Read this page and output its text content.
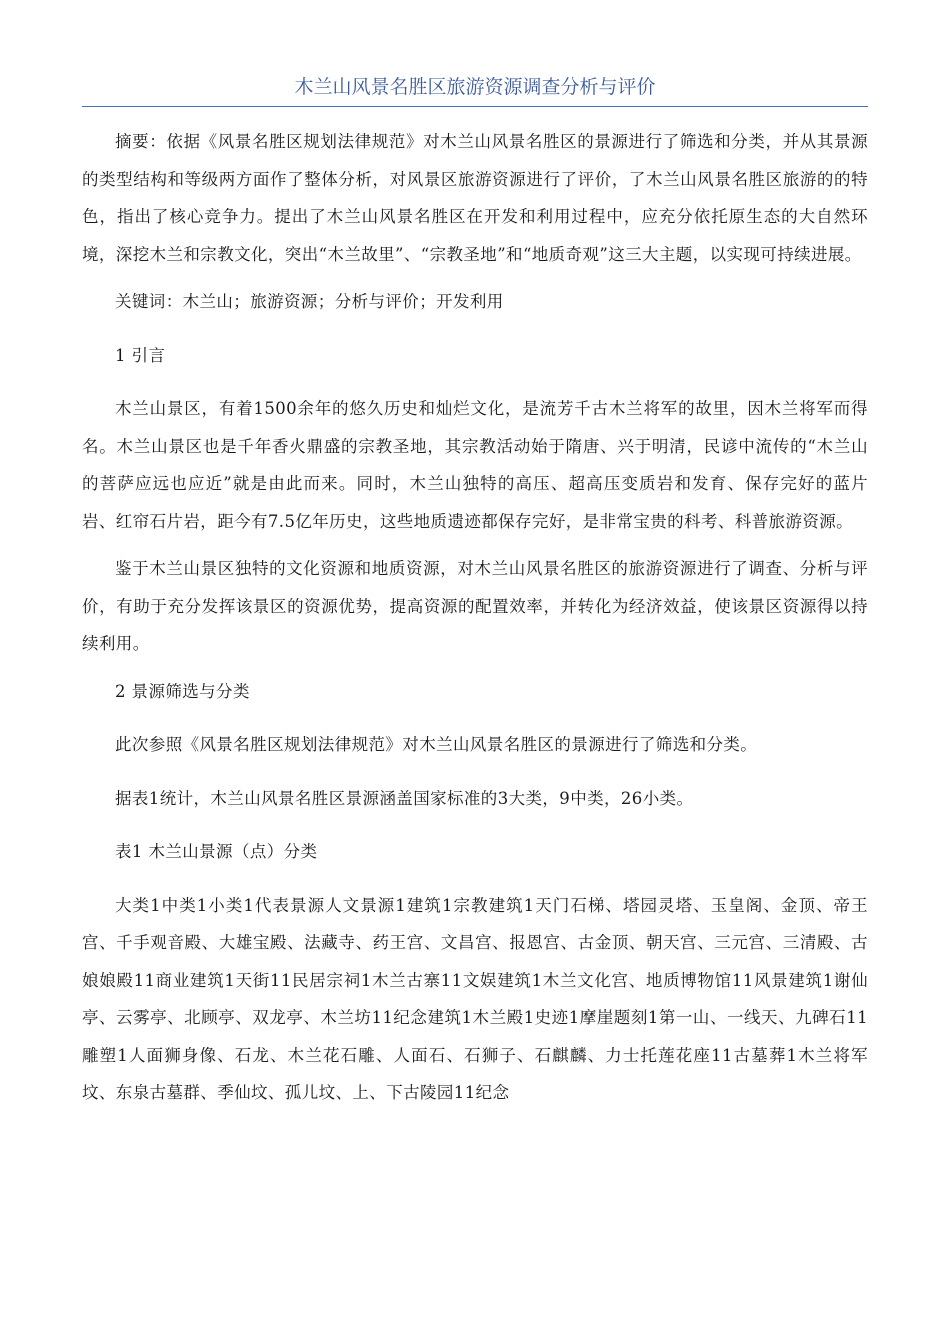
木兰山风景名胜区旅游资源调查分析与评价

摘要：依据《风景名胜区规划法律规范》对木兰山风景名胜区的景源进行了筛选和分类，并从其景源的类型结构和等级两方面作了整体分析，对风景区旅游资源进行了评价，了木兰山风景名胜区旅游的的特色，指出了核心竞争力。提出了木兰山风景名胜区在开发和利用过程中，应充分依托原生态的大自然环境，深挖木兰和宗教文化，突出“木兰故里”、“宗教圣地”和“地质奇观”这三大主题，以实现可持续进展。

关键词：木兰山；旅游资源；分析与评价；开发利用

1 引言

木兰山景区，有着1500余年的悠久历史和灿烂文化，是流芳千古木兰将军的故里，因木兰将军而得名。木兰山景区也是千年香火鼎盛的宗教圣地，其宗教活动始于隋唐、兴于明清，民谚中流传的“木兰山的菩萨应远也应近”就是由此而来。同时，木兰山独特的高压、超高压变质岩和发育、保存完好的蓝片岩、红帘石片岩，距今有7.5亿年历史，这些地质遗迹都保存完好，是非常宝贵的科考、科普旅游资源。

鉴于木兰山景区独特的文化资源和地质资源，对木兰山风景名胜区的旅游资源进行了调查、分析与评价，有助于充分发挥该景区的资源优势，提高资源的配置效率，并转化为经济效益，使该景区资源得以持续利用。

2 景源筛选与分类

此次参照《风景名胜区规划法律规范》对木兰山风景名胜区的景源进行了筛选和分类。

据表1统计，木兰山风景名胜区景源涵盖国家标准的3大类，9中类，26小类。

表1 木兰山景源（点）分类

大类1中类1小类1代表景源人文景源1建筑1宗教建筑1天门石梯、塔园灵塔、玉皇阁、金顶、帝王宫、千手观音殿、大雄宝殿、法藏寺、药王宫、文昌宫、报恩宫、古金顶、朝天宫、三元宫、三清殿、古娘娘殿11商业建筑1天街11民居宗祠1木兰古寨11文娱建筑1木兰文化宫、地质博物馆11风景建筑1谢仙亭、云雾亭、北顾亭、双龙亭、木兰坊11纪念建筑1木兰殿1史迹1摩崖题刻1第一山、一线天、九碑石11雕塑1人面狮身像、石龙、木兰花石雕、人面石、石狮子、石麒麟、力士托莲花座11古墓葬1木兰将军坟、东泉古墓群、季仙坟、孤儿坟、上、下古陵园11纪念
